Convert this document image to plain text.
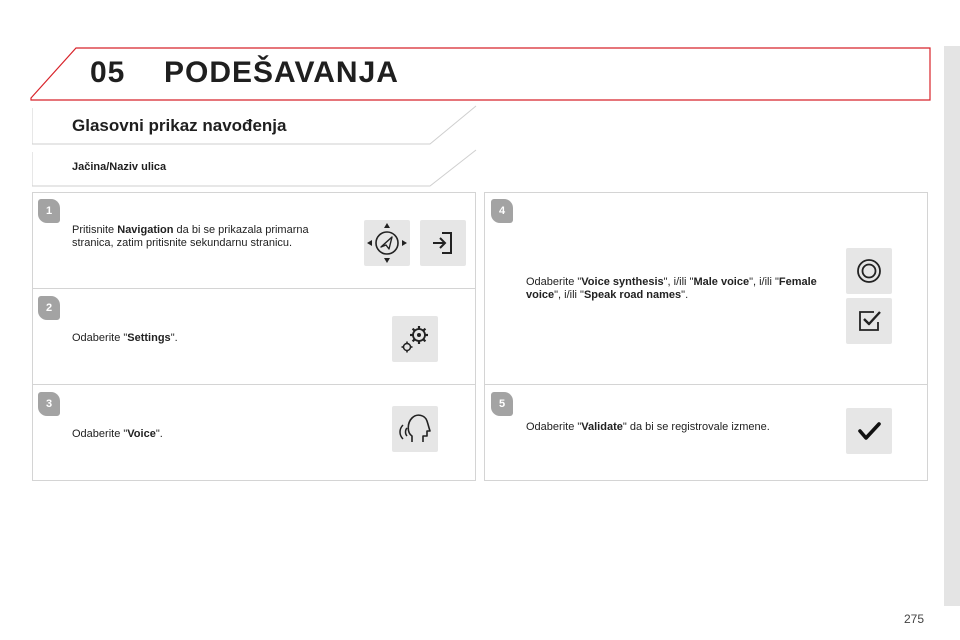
05 PODEŠAVANJA
Glasovni prikaz navođenja
Jačina/Naziv ulica
1

Pritisnite Navigation da bi se prikazala primarna stranica, zatim pritisnite sekundarnu stranicu.

2

Odaberite "Settings".

3

Odaberite "Voice".

4

Odaberite "Voice synthesis", i/ili "Male voice", i/ili "Female voice", i/ili "Speak road names".

5

Odaberite "Validate" da bi se registrovale izmene.

275
